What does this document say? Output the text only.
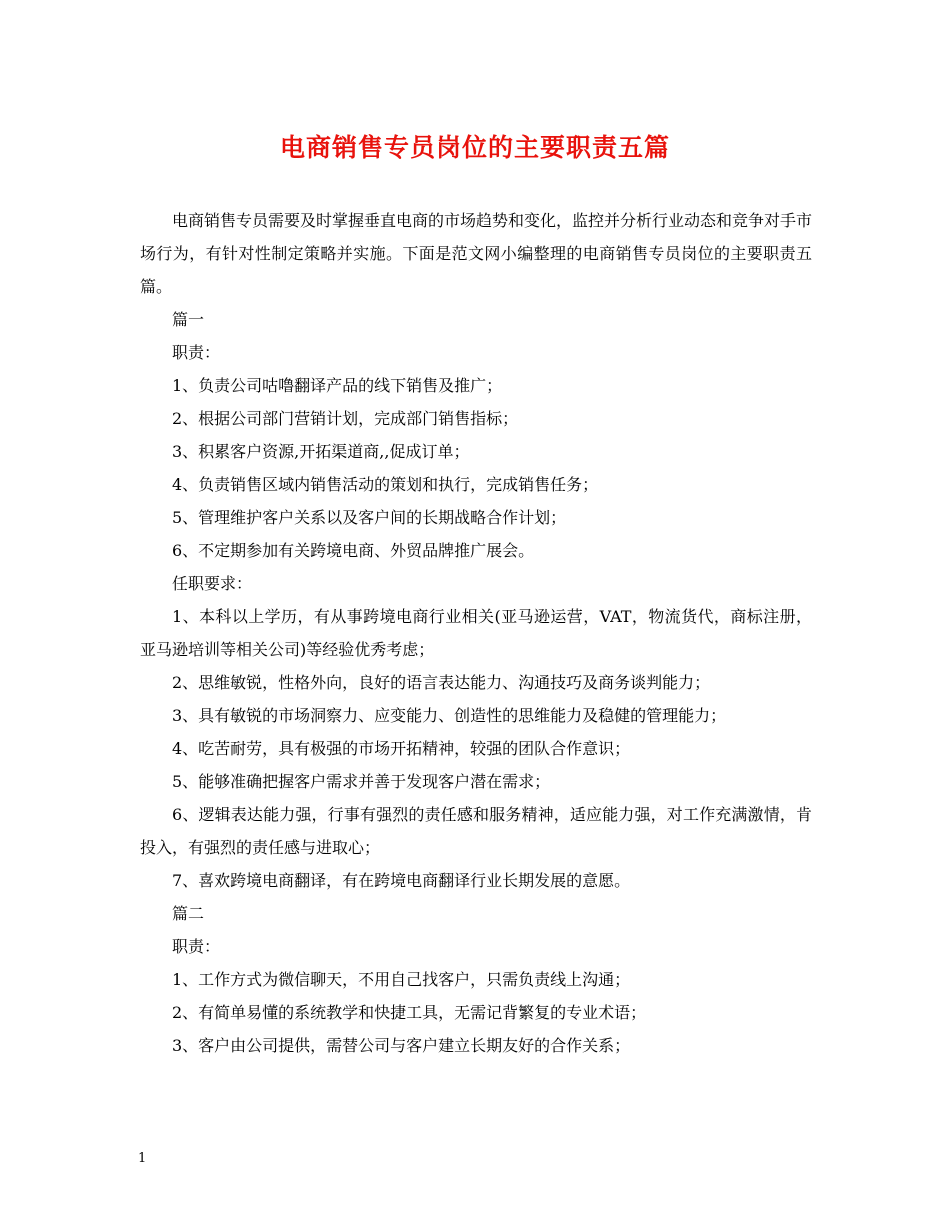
电商销售专员岗位的主要职责五篇

电商销售专员需要及时掌握垂直电商的市场趋势和变化，监控并分析行业动态和竞争对手市场行为，有针对性制定策略并实施。下面是范文网小编整理的电商销售专员岗位的主要职责五篇。

篇一

职责：

1、负责公司咕噜翻译产品的线下销售及推广；

2、根据公司部门营销计划，完成部门销售指标；

3、积累客户资源,开拓渠道商,,促成订单；

4、负责销售区域内销售活动的策划和执行，完成销售任务；

5、管理维护客户关系以及客户间的长期战略合作计划；

6、不定期参加有关跨境电商、外贸品牌推广展会。

任职要求：

1、本科以上学历，有从事跨境电商行业相关(亚马逊运营，VAT，物流货代，商标注册，亚马逊培训等相关公司)等经验优秀考虑；

2、思维敏锐，性格外向，良好的语言表达能力、沟通技巧及商务谈判能力；

3、具有敏锐的市场洞察力、应变能力、创造性的思维能力及稳健的管理能力；

4、吃苦耐劳，具有极强的市场开拓精神，较强的团队合作意识；

5、能够准确把握客户需求并善于发现客户潜在需求；

6、逻辑表达能力强，行事有强烈的责任感和服务精神，适应能力强，对工作充满激情，肯投入，有强烈的责任感与进取心；

7、喜欢跨境电商翻译，有在跨境电商翻译行业长期发展的意愿。

篇二

职责：

1、工作方式为微信聊天，不用自己找客户，只需负责线上沟通；

2、有简单易懂的系统教学和快捷工具，无需记背繁复的专业术语；

3、客户由公司提供，需替公司与客户建立长期友好的合作关系；

1
